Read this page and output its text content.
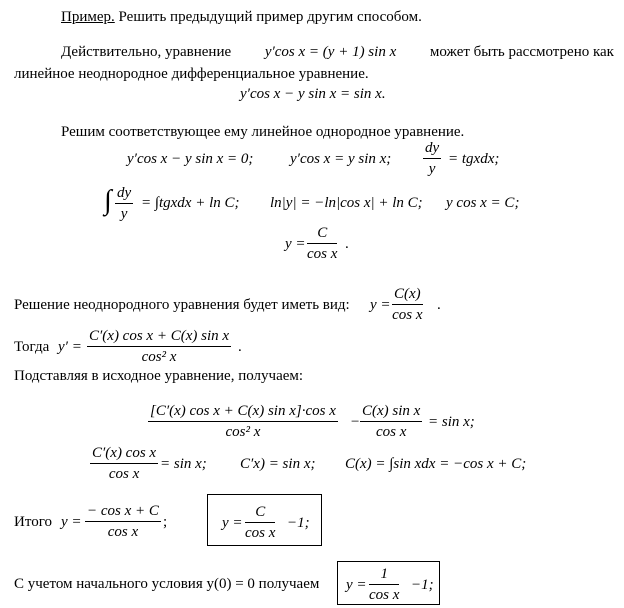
Пример. Решить предыдущий пример другим способом.
Действительно, уравнение y′cos x = (y + 1) sin x может быть рассмотрено как
линейное неоднородное дифференциальное уравнение.
y′cos x − y sin x = sin x.
Решим соответствующее ему линейное однородное уравнение.
y′cos x − y sin x = 0; y′cos x = y sin x; $\frac{dy}{y}$ = tgxdx;
∫ $\frac{dy}{y}$ = ∫tgxdx + ln C; ln|y| = −ln|cos x| + ln C; y cos x = C;
$y = \frac{C}{\text{cos x}}$ .
Решение неоднородного уравнения будет иметь вид: $y = \frac{C(x)}{\text{cos x}}$ .
Тогда $y' = \frac{\text{C′(x) cos x + C(x) sin x}}{\text{cos² x}}$ .
Подставляя в исходное уравнение, получаем:
$\frac{\text{[C′(x) cos x + C(x) sin x]·cos x}}{\text{cos² x}} - \frac{\text{C(x) sin x}}{\text{cos x}} = \sin x$;
$\frac{\text{C′(x) cos x}}{\text{cos x}} = \sin x$; C′x) = sin x; C(x) = ∫sin xdx = −cos x + C;
Итого $y = \frac{\text{− cos x + C}}{\text{cos x}}$ ;	$y = \frac{C}{\text{cos x}} -1$;
С учетом начального условия y(0) = 0 получаем $y = \frac{1}{\text{cos x}} -1$;
